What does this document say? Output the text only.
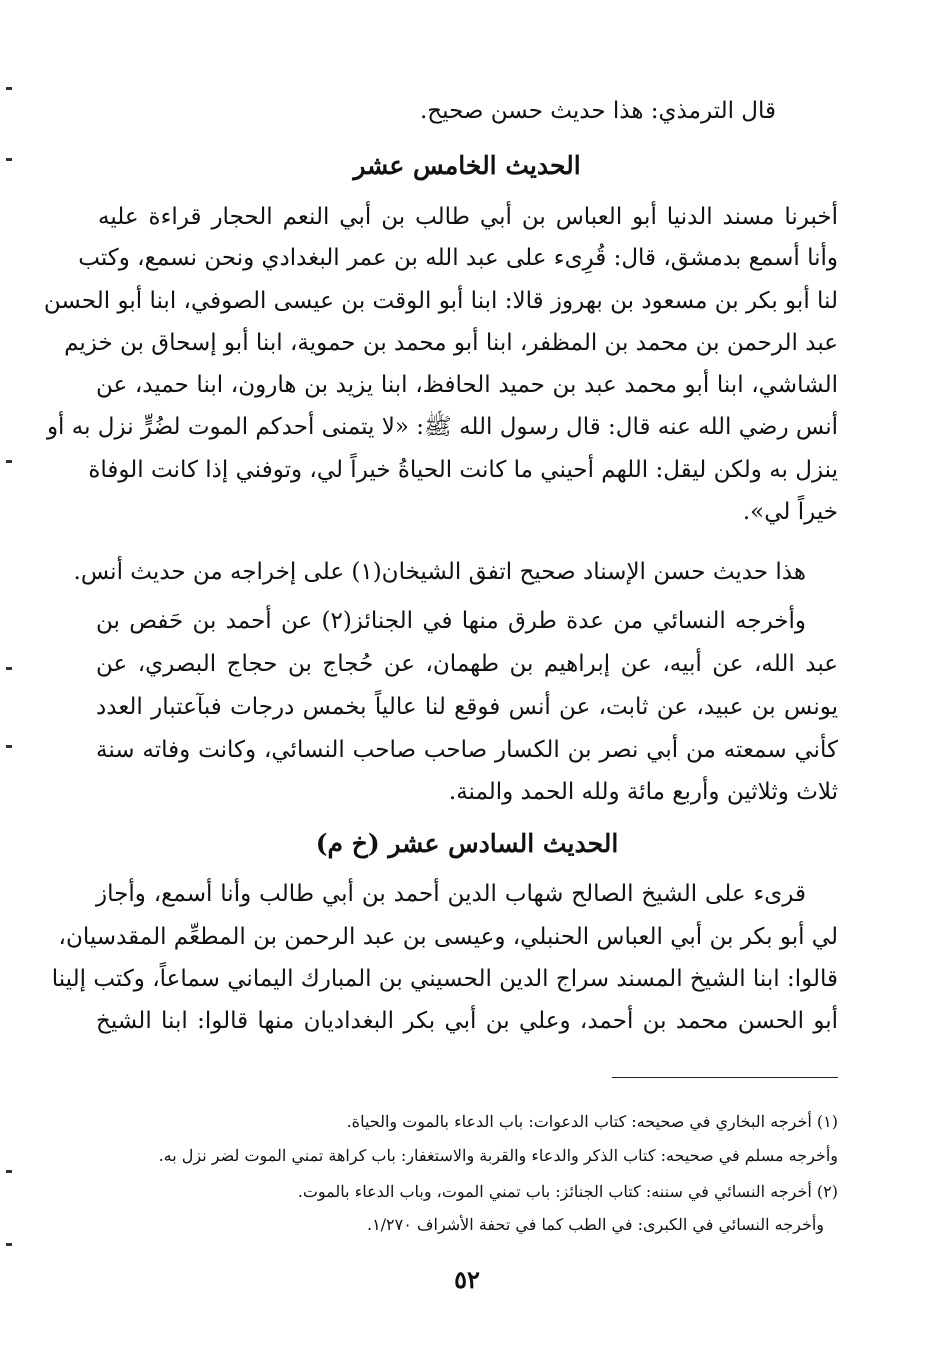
قال الترمذي: هذا حديث حسن صحيح.
الحديث الخامس عشر
أخبرنا مسند الدنيا أبو العباس بن أبي طالب بن أبي النعم الحجار قراءة عليه
وأنا أسمع بدمشق، قال: قُرِىء على عبد الله بن عمر البغدادي ونحن نسمع، وكتب
لنا أبو بكر بن مسعود بن بهروز قالا: ابنا أبو الوقت بن عيسى الصوفي، ابنا أبو الحسن
عبد الرحمن بن محمد بن المظفر، ابنا أبو محمد بن حموية، ابنا أبو إسحاق بن خزيم
الشاشي، ابنا أبو محمد عبد بن حميد الحافظ، ابنا يزيد بن هارون، ابنا حميد، عن
أنس رضي الله عنه قال: قال رسول الله ﷺ: «لا يتمنى أحدكم الموت لضُرٍّ نزل به أو
ينزل به ولكن ليقل: اللهم أحيني ما كانت الحياةُ خيراً لي، وتوفني إذا كانت الوفاة
خيراً لي».
هذا حديث حسن الإسناد صحيح اتفق الشيخان(١) على إخراجه من حديث أنس.
وأخرجه النسائي من عدة طرق منها في الجنائز(٢) عن أحمد بن حَفص بن
عبد الله، عن أبيه، عن إبراهيم بن طهمان، عن حُجاج بن حجاج البصري، عن
يونس بن عبيد، عن ثابت، عن أنس فوقع لنا عالياً بخمس درجات فبآعتبار العدد
كأني سمعته من أبي نصر بن الكسار صاحب صاحب النسائي، وكانت وفاته سنة
ثلاث وثلاثين وأربع مائة ولله الحمد والمنة.
الحديث السادس عشر (خ م)
قرىء على الشيخ الصالح شهاب الدين أحمد بن أبي طالب وأنا أسمع، وأجاز
لي أبو بكر بن أبي العباس الحنبلي، وعيسى بن عبد الرحمن بن المطعِّم المقدسيان،
قالوا: ابنا الشيخ المسند سراج الدين الحسيني بن المبارك اليماني سماعاً، وكتب إلينا
أبو الحسن محمد بن أحمد، وعلي بن أبي بكر البغداديان منها قالوا: ابنا الشيخ
(١) أخرجه البخاري في صحيحه: كتاب الدعوات: باب الدعاء بالموت والحياة.
وأخرجه مسلم في صحيحه: كتاب الذكر والدعاء والقربة والاستغفار: باب كراهة تمني الموت لضر نزل به.
(٢) أخرجه النسائي في سننه: كتاب الجنائز: باب تمني الموت، وباب الدعاء بالموت.
وأخرجه النسائي في الكبرى: في الطب كما في تحفة الأشراف ١/٢٧٠.
٥٢
